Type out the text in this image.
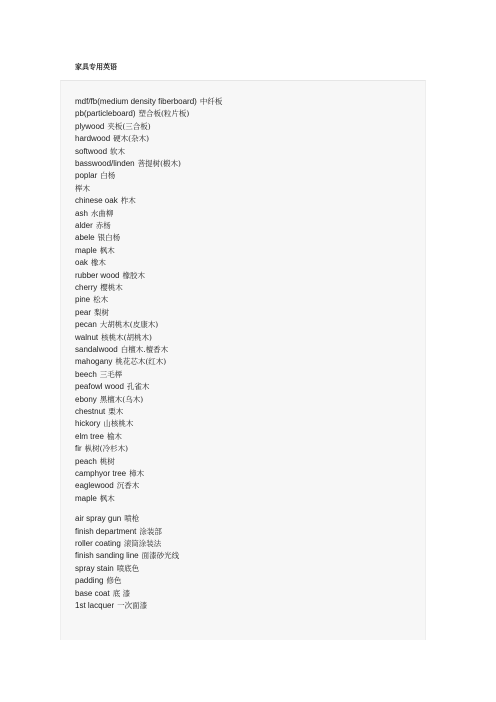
家具专用英语
mdf/fb(medium density fiberboard) 中纤板
pb(particleboard) 塑合板(粒片板)
plywood 夹板(三合板)
hardwood 硬木(杂木)
softwood 软木
basswood/linden 菩提树(椴木)
poplar 白杨
榉木
chinese oak 柞木
ash 水曲柳
alder 赤杨
abele 银白杨
maple 枫木
oak 橡木
rubber wood 橡胶木
cherry 樱桃木
pine 松木
pear 梨树
pecan 大胡桃木(皮康木)
walnut 核桃木(胡桃木)
sandalwood 白檀木.檀香木
mahogany 桃花芯木(红木)
beech 三毛榉
peafowl wood 孔雀木
ebony 黑檀木(乌木)
chestnut 栗木
hickory 山核桃木
elm tree 榆木
fir 枞树(冷杉木)
peach 桃树
camphyor tree 樟木
eaglewood 沉香木
maple 枫木
air spray gun 喷枪
finish department 涂装部
roller coating 滚筒涂装法
finish sanding line 面漆砂光线
spray stain 喷底色
padding 修色
base coat 底 漆
1st lacquer 一次面漆
